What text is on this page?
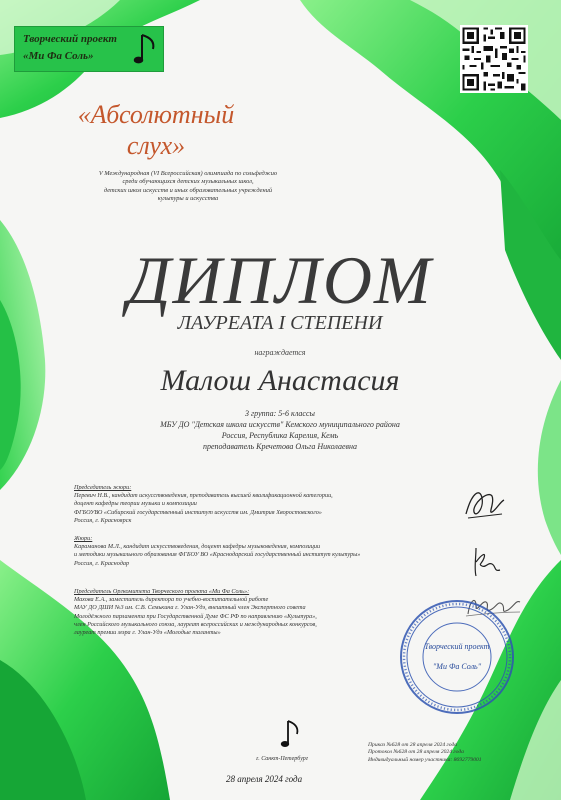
Творческий проект
«Ми Фа Соль»
«Абсолютный
слух»
V Международная (VI Всероссийская) олимпиада по сольфеджио
среди обучающихся детских музыкальных школ,
детских школ искусств и иных образовательных учреждений
культуры и искусства
ДИПЛОМ
ЛАУРЕАТА I СТЕПЕНИ
награждается
Малош Анастасия
3 группа: 5-6 классы
МБУ ДО "Детская школа искусств" Кемского муниципального района
Россия, Республика Карелия, Кемь
преподаватель Кречетова Ольга Николаевна
Председатель жюри:
Перевич Н.В., кандидат искусствоведения, преподаватель высшей квалификационной категории,
доцент кафедры теории музыки и композиции
ФГБОУВО «Сибирский государственный институт искусств им. Дмитрия Хворостовского»
Россия, г. Красноярск
Жюри:
Караманова М.Л., кандидат искусствоведения, доцент кафедры музыковедения, композиции
и методики музыкального образования ФГБОУ ВО «Краснодарский государственный институт культуры»
Россия, г. Краснодар
Председатель Оргкомитета Творческого проекта «Ми Фа Соль»:
Махова Е.А., заместитель директора по учебно-воспитательной работе
МАУ ДО ДШИ №3 им. С.В. Семькина г. Улан-Удэ, внештный член Экспертного совета
Молодёжного парламента при Государственной Думе ФС РФ по направлению «Культура»,
член Российского музыкального союза, лауреат всероссийских и международных конкурсов,
лауреат премии мэра г. Улан-Удэ «Молодые таланты»
Творческий проект
"Ми Фа Соль"
г. Санкт-Петербург
28 апреля 2024 года
Приказ №628 от 28 апреля 2024 года
Протокол №628 от 28 апреля 2024 года
Индивидуальный номер участника: 8692779001
